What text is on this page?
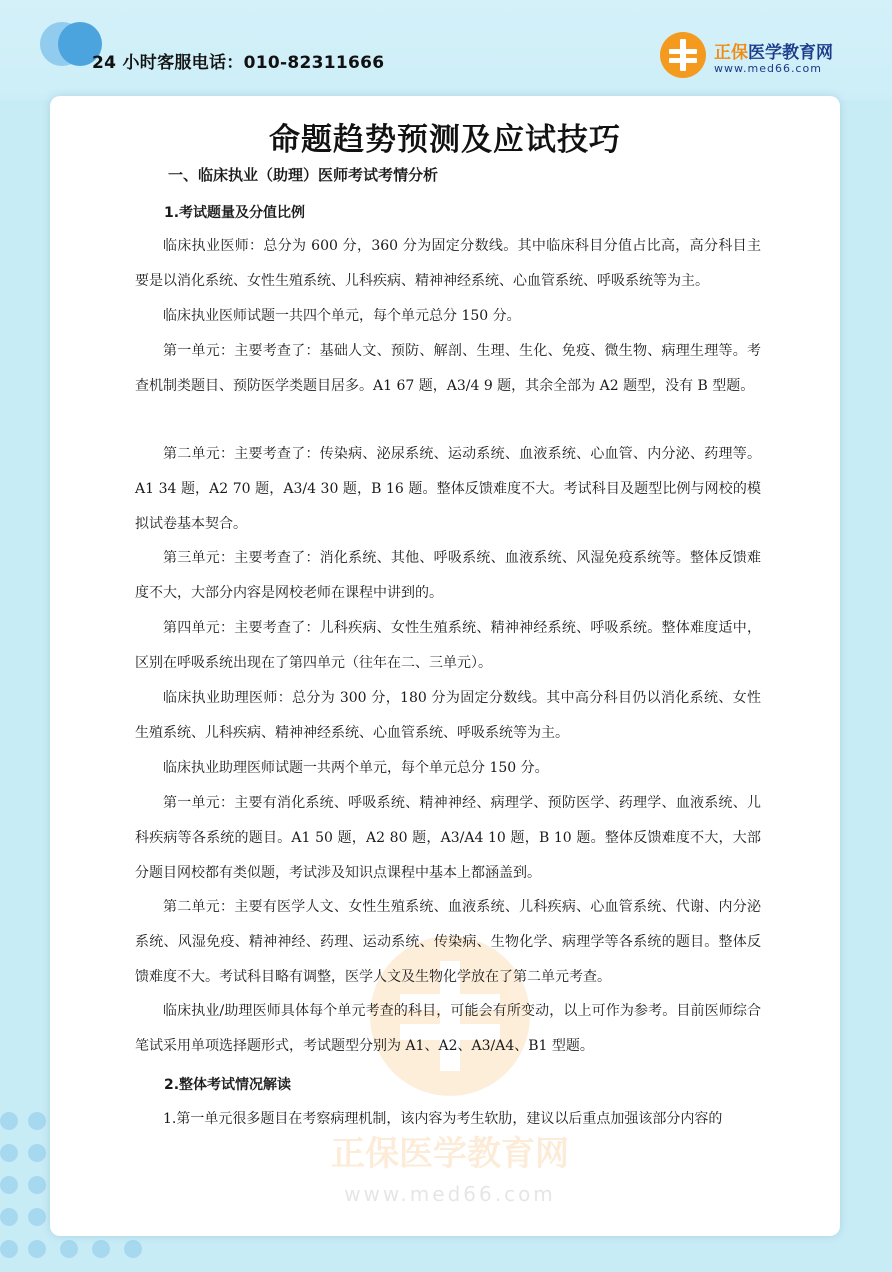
24 小时客服电话：010-82311666	正保医学教育网
www.med66.com
正保医学教育网
www.med66.com
命题趋势预测及应试技巧
一、临床执业（助理）医师考试考情分析
1.考试题量及分值比例
临床执业医师：总分为 600 分，360 分为固定分数线。其中临床科目分值占比高，高分科目主要是以消化系统、女性生殖系统、儿科疾病、精神神经系统、心血管系统、呼吸系统等为主。
临床执业医师试题一共四个单元，每个单元总分 150 分。
第一单元：主要考查了：基础人文、预防、解剖、生理、生化、免疫、微生物、病理生理等。考查机制类题目、预防医学类题目居多。A1 67 题，A3/4 9 题，其余全部为 A2 题型，没有 B 型题。
第二单元：主要考查了：传染病、泌尿系统、运动系统、血液系统、心血管、内分泌、药理等。A1 34 题，A2 70 题，A3/4 30 题，B 16 题。整体反馈难度不大。考试科目及题型比例与网校的模拟试卷基本契合。
第三单元：主要考查了：消化系统、其他、呼吸系统、血液系统、风湿免疫系统等。整体反馈难度不大，大部分内容是网校老师在课程中讲到的。
第四单元：主要考查了：儿科疾病、女性生殖系统、精神神经系统、呼吸系统。整体难度适中，区别在呼吸系统出现在了第四单元（往年在二、三单元）。
临床执业助理医师：总分为 300 分，180 分为固定分数线。其中高分科目仍以消化系统、女性生殖系统、儿科疾病、精神神经系统、心血管系统、呼吸系统等为主。
临床执业助理医师试题一共两个单元，每个单元总分 150 分。
第一单元：主要有消化系统、呼吸系统、精神神经、病理学、预防医学、药理学、血液系统、儿科疾病等各系统的题目。A1 50 题，A2 80 题，A3/A4 10 题，B 10 题。整体反馈难度不大，大部分题目网校都有类似题，考试涉及知识点课程中基本上都涵盖到。
第二单元：主要有医学人文、女性生殖系统、血液系统、儿科疾病、心血管系统、代谢、内分泌系统、风湿免疫、精神神经、药理、运动系统、传染病、生物化学、病理学等各系统的题目。整体反馈难度不大。考试科目略有调整，医学人文及生物化学放在了第二单元考查。
临床执业/助理医师具体每个单元考查的科目，可能会有所变动，以上可作为参考。目前医师综合笔试采用单项选择题形式，考试题型分别为 A1、A2、A3/A4、B1 型题。
2.整体考试情况解读
1.第一单元很多题目在考察病理机制，该内容为考生软肋，建议以后重点加强该部分内容的
